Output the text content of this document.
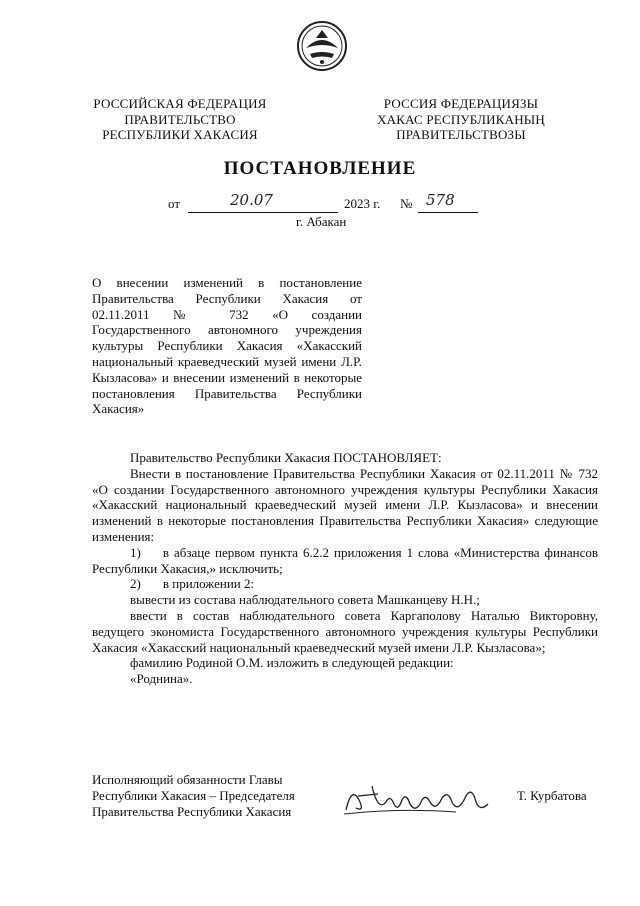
РОССИЙСКАЯ ФЕДЕРАЦИЯ
ПРАВИТЕЛЬСТВО
РЕСПУБЛИКИ ХАКАСИЯ
РОССИЯ ФЕДЕРАЦИЯЗЫ
ХАКАС РЕСПУБЛИКАНЫҢ
ПРАВИТЕЛЬСТВОЗЫ
ПОСТАНОВЛЕНИЕ
от	20.07	2023 г. № 578
г. Абакан
О внесении изменений в постановление Правительства Республики Хакасия от 02.11.2011 № 732 «О создании Государственного автономного учреждения культуры Республики Хакасия «Хакасский национальный краеведческий музей имени Л.Р. Кызласова» и внесении изменений в некоторые постановления Правительства Республики Хакасия»

Правительство Республики Хакасия ПОСТАНОВЛЯЕТ:

Внести в постановление Правительства Республики Хакасия от 02.11.2011 № 732 «О создании Государственного автономного учреждения культуры Республики Хакасия «Хакасский национальный краеведческий музей имени Л.Р. Кызласова» и внесении изменений в некоторые постановления Правительства Республики Хакасия» следующие изменения:

1) в абзаце первом пункта 6.2.2 приложения 1 слова «Министерства финансов Республики Хакасия,» исключить;

2) в приложении 2:

вывести из состава наблюдательного совета Машканцеву Н.Н.;

ввести в состав наблюдательного совета Каргаполову Наталью Викторовну, ведущего экономиста Государственного автономного учреждения культуры Республики Хакасия «Хакасский национальный краеведческий музей имени Л.Р. Кызласова»;

фамилию Родиной О.М. изложить в следующей редакции:

«Роднина».

Исполняющий обязанности Главы
Республики Хакасия – Председателя
Правительства Республики Хакасия
Т. Курбатова
